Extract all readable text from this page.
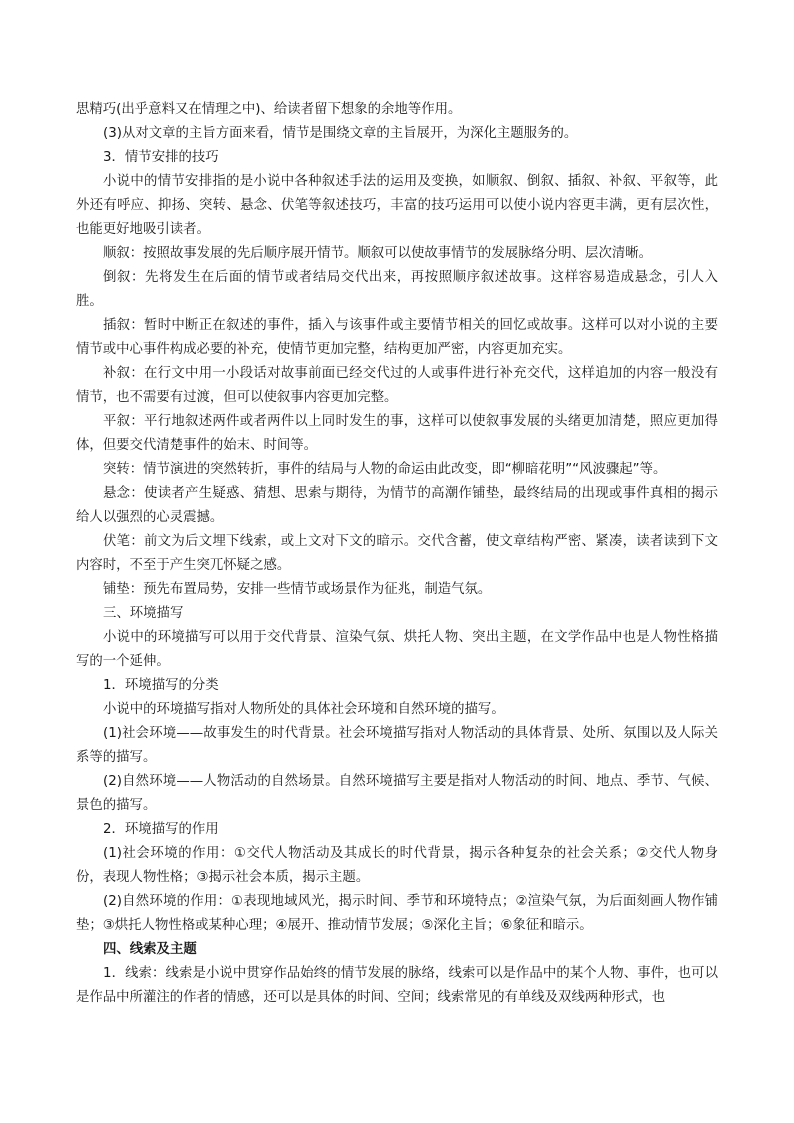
思精巧(出乎意料又在情理之中)、给读者留下想象的余地等作用。

(3)从对文章的主旨方面来看，情节是围绕文章的主旨展开，为深化主题服务的。

3．情节安排的技巧

小说中的情节安排指的是小说中各种叙述手法的运用及变换，如顺叙、倒叙、插叙、补叙、平叙等，此外还有呼应、抑扬、突转、悬念、伏笔等叙述技巧，丰富的技巧运用可以使小说内容更丰满，更有层次性，也能更好地吸引读者。

顺叙：按照故事发展的先后顺序展开情节。顺叙可以使故事情节的发展脉络分明、层次清晰。

倒叙：先将发生在后面的情节或者结局交代出来，再按照顺序叙述故事。这样容易造成悬念，引人入胜。

插叙：暂时中断正在叙述的事件，插入与该事件或主要情节相关的回忆或故事。这样可以对小说的主要情节或中心事件构成必要的补充，使情节更加完整，结构更加严密，内容更加充实。

补叙：在行文中用一小段话对故事前面已经交代过的人或事件进行补充交代，这样追加的内容一般没有情节，也不需要有过渡，但可以使叙事内容更加完整。

平叙：平行地叙述两件或者两件以上同时发生的事，这样可以使叙事发展的头绪更加清楚，照应更加得体，但要交代清楚事件的始末、时间等。

突转：情节演进的突然转折，事件的结局与人物的命运由此改变，即“柳暗花明”“风波骤起”等。

悬念：使读者产生疑惑、猜想、思索与期待，为情节的高潮作铺垫，最终结局的出现或事件真相的揭示给人以强烈的心灵震撼。

伏笔：前文为后文埋下线索，或上文对下文的暗示。交代含蓄，使文章结构严密、紧凑，读者读到下文内容时，不至于产生突兀怀疑之感。

铺垫：预先布置局势，安排一些情节或场景作为征兆，制造气氛。

三、环境描写

小说中的环境描写可以用于交代背景、渲染气氛、烘托人物、突出主题，在文学作品中也是人物性格描写的一个延伸。

1．环境描写的分类

小说中的环境描写指对人物所处的具体社会环境和自然环境的描写。

(1)社会环境——故事发生的时代背景。社会环境描写指对人物活动的具体背景、处所、氛围以及人际关系等的描写。

(2)自然环境——人物活动的自然场景。自然环境描写主要是指对人物活动的时间、地点、季节、气候、景色的描写。

2．环境描写的作用

(1)社会环境的作用：①交代人物活动及其成长的时代背景，揭示各种复杂的社会关系；②交代人物身份，表现人物性格；③揭示社会本质，揭示主题。

(2)自然环境的作用：①表现地域风光，揭示时间、季节和环境特点；②渲染气氛，为后面刻画人物作铺垫；③烘托人物性格或某种心理；④展开、推动情节发展；⑤深化主旨；⑥象征和暗示。

四、线索及主题

1．线索：线索是小说中贯穿作品始终的情节发展的脉络，线索可以是作品中的某个人物、事件，也可以是作品中所灌注的作者的情感，还可以是具体的时间、空间；线索常见的有单线及双线两种形式，也
